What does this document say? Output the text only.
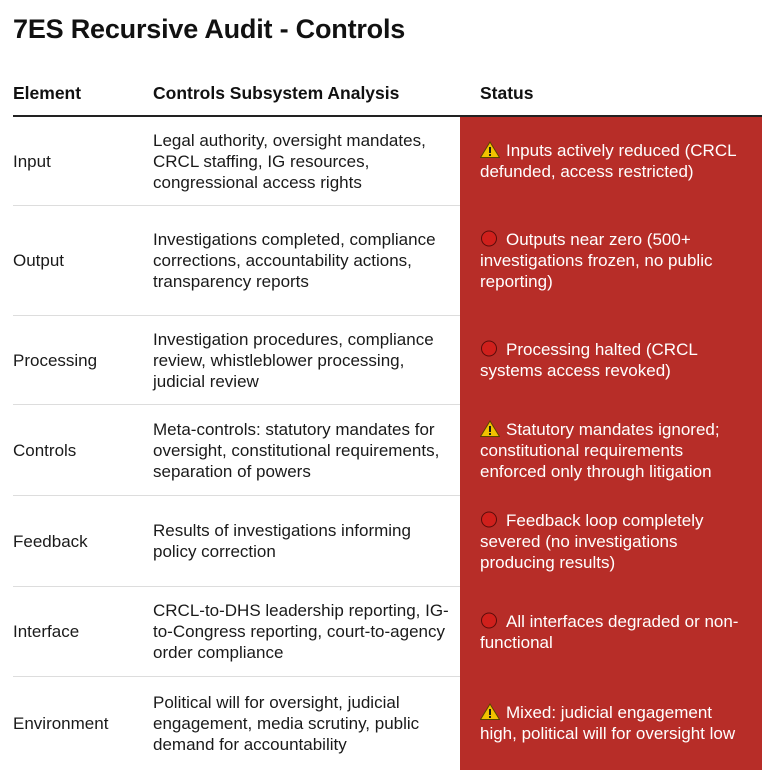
7ES Recursive Audit - Controls
Element	Controls Subsystem Analysis	Status
Input	Legal authority, oversight mandates, CRCL staffing, IG resources, congressional access rights	Inputs actively reduced (CRCL defunded, access restricted)
Output	Investigations completed, compliance corrections, accountability actions, transparency reports	Outputs near zero (500+ investigations frozen, no public reporting)
Processing	Investigation procedures, compliance review, whistleblower processing, judicial review	Processing halted (CRCL systems access revoked)
Controls	Meta-controls: statutory mandates for oversight, constitutional requirements, separation of powers	Statutory mandates ignored; constitutional requirements enforced only through litigation
Feedback	Results of investigations informing policy correction	Feedback loop completely severed (no investigations producing results)
Interface	CRCL-to-DHS leadership reporting, IG-to-Congress reporting, court-to-agency order compliance	All interfaces degraded or non-functional
Environment	Political will for oversight, judicial engagement, media scrutiny, public demand for accountability	Mixed: judicial engagement high, political will for oversight low
